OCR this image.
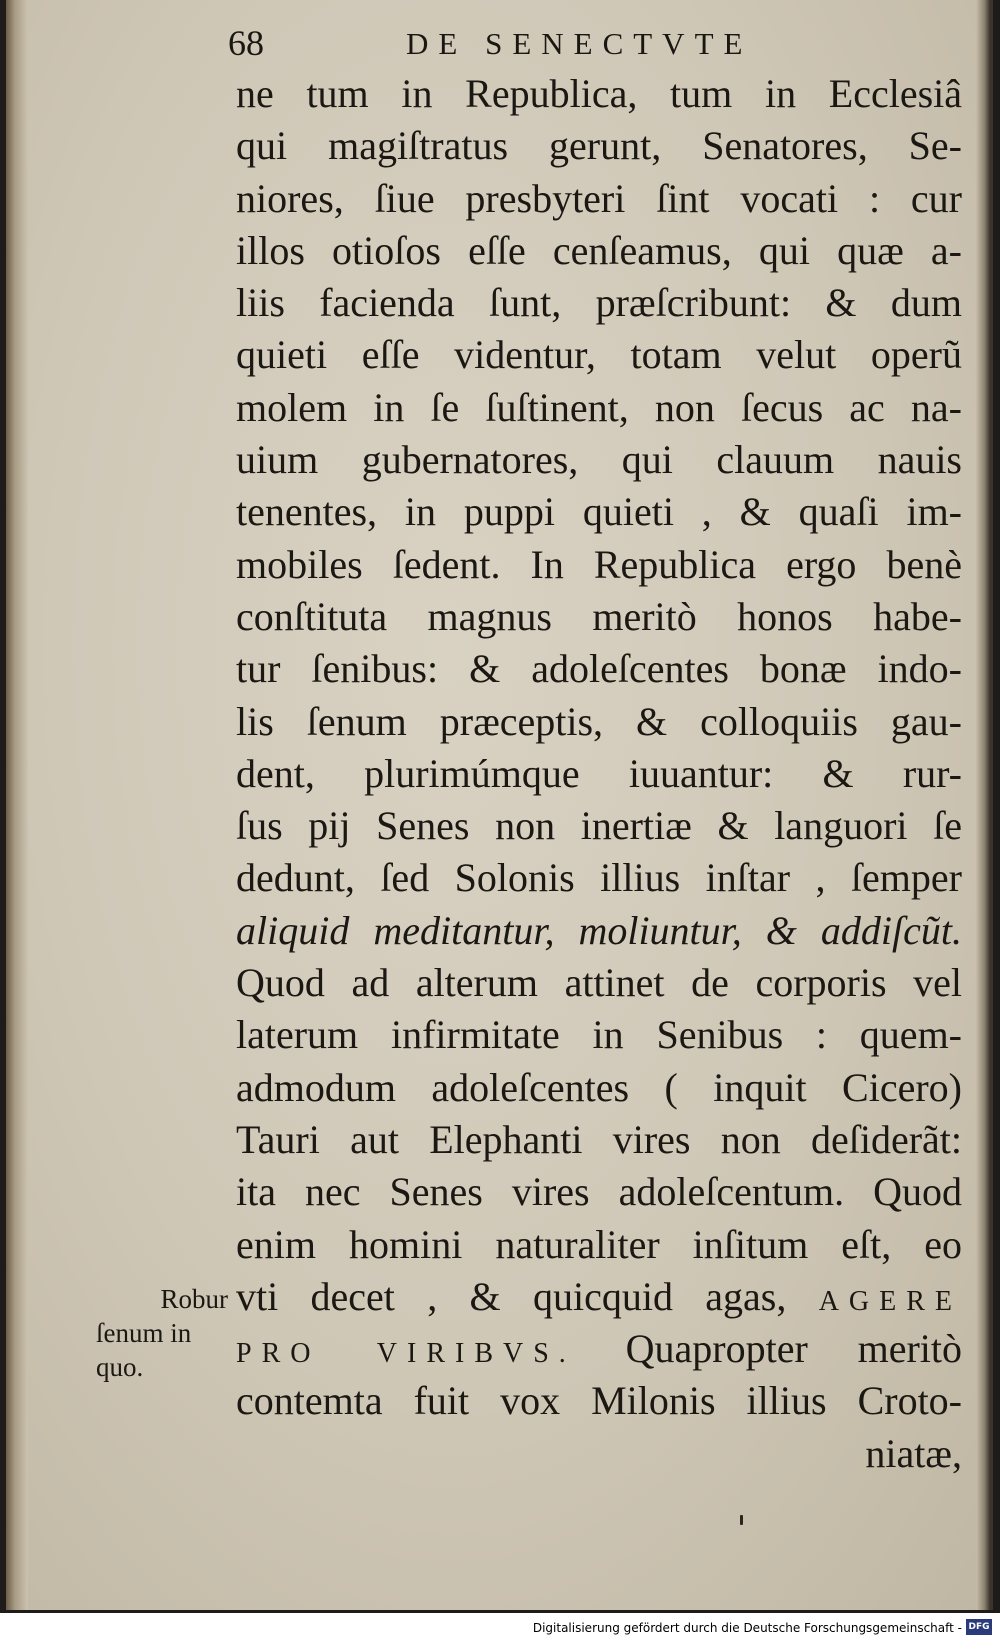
68	DE SENECTVTE
ne tum in Republica, tum in Ecclesiâ
qui magiſtratus gerunt, Senatores, Se-
niores, ſiue presbyteri ſint vocati : cur
illos otioſos eſſe cenſeamus, qui quæ a-
liis facienda ſunt, præſcribunt: & dum
quieti eſſe videntur, totam velut operũ
molem in ſe ſuſtinent, non ſecus ac na-
uium gubernatores, qui clauum nauis
tenentes, in puppi quieti , & quaſi im-
mobiles ſedent. In Republica ergo benè
conſtituta magnus meritò honos habe-
tur ſenibus: & adoleſcentes bonæ indo-
lis ſenum præceptis, & colloquiis gau-
dent, plurimúmque iuuantur: & rur-
ſus pij Senes non inertiæ & languori ſe
dedunt, ſed Solonis illius inſtar , ſemper
aliquid meditantur, moliuntur, & addiſcũt.
Quod ad alterum attinet de corporis vel
laterum infirmitate in Senibus : quem-
admodum adoleſcentes ( inquit Cicero)
Tauri aut Elephanti vires non deſiderãt:
ita nec Senes vires adoleſcentum. Quod
enim homini naturaliter inſitum eſt, eo
vti decet , & quicquid agas, AGERE
PRO VIRIBVS. Quapropter meritò
contemta fuit vox Milonis illius Croto-
niatæ,
Robur
ſenum in
quo.
Digitalisierung gefördert durch die Deutsche Forschungsgemeinschaft - DFG
